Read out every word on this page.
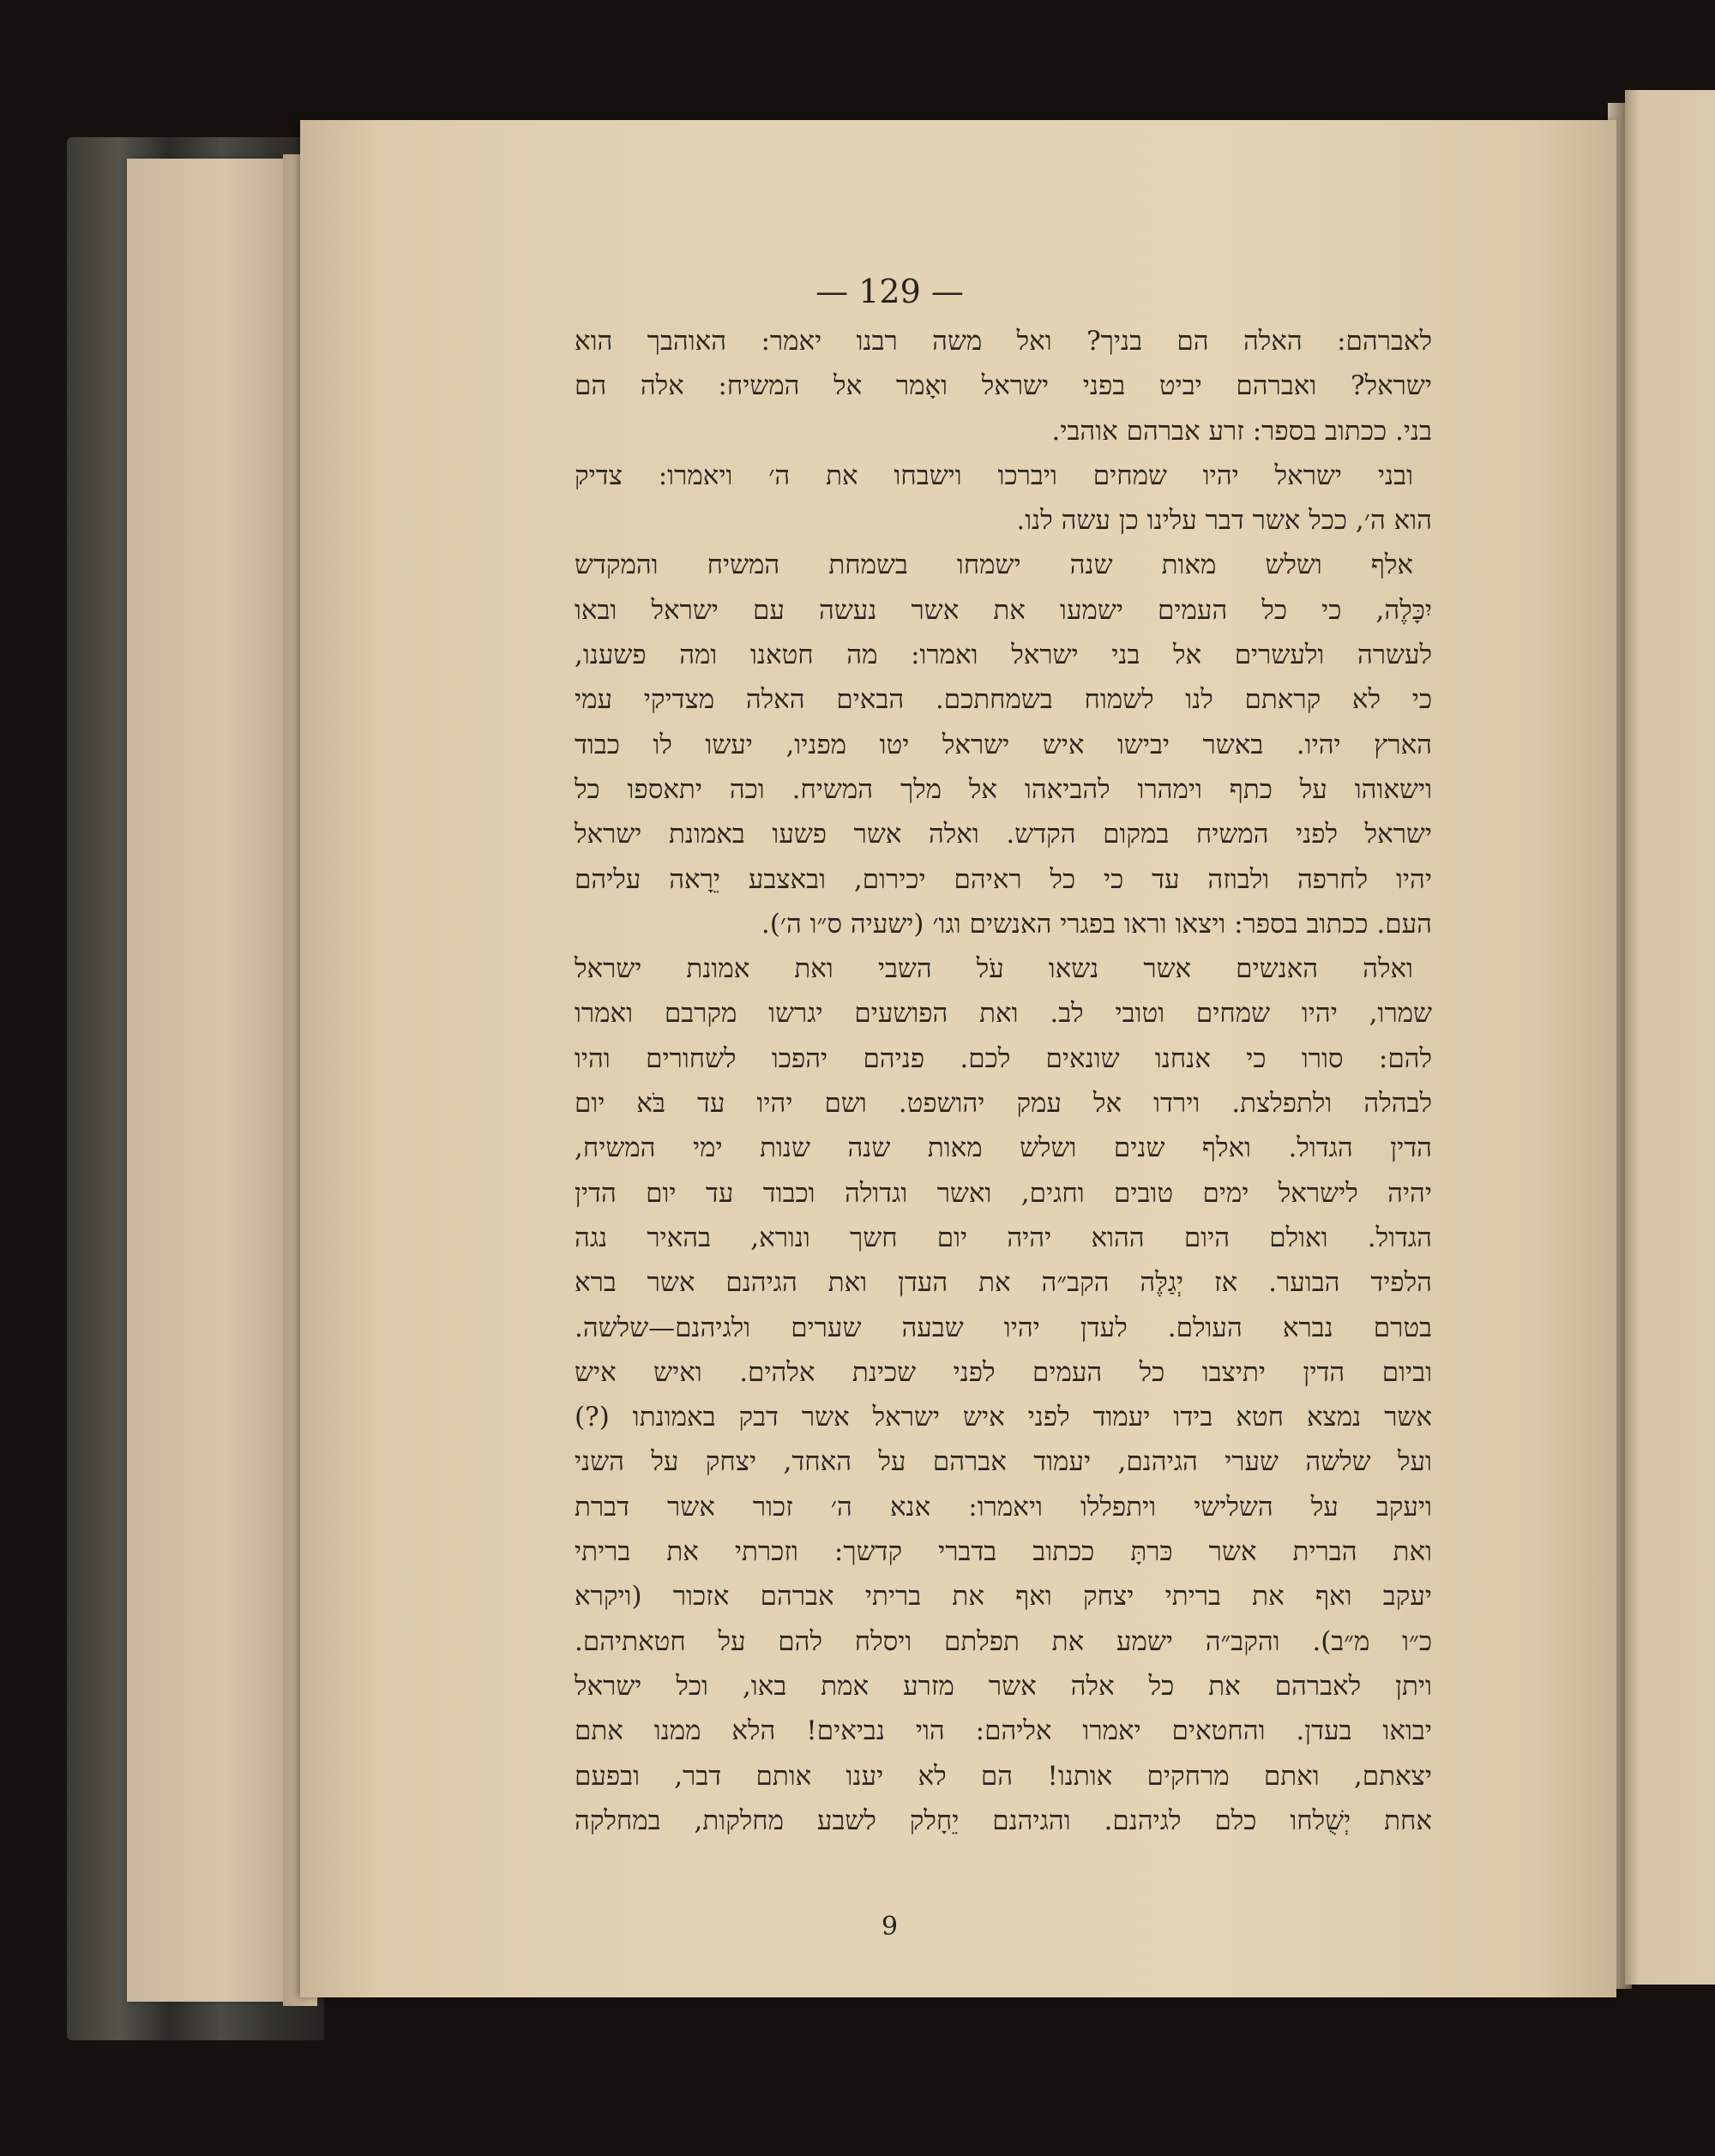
— 129 —
לאברהם: האלה הם בניך? ואל משה רבנו יאמר: האוהבך הוא
ישראל? ואברהם יביט בפני ישראל ואָמר אל המשיח: אלה הם
בני. ככתוב בספר: זרע אברהם אוהבי.
ובני ישראל יהיו שמחים ויברכו וישבחו את ה׳ ויאמרו: צדיק
הוא ה׳, ככל אשר דבר עלינו כן עשה לנו.
אלף ושלש מאות שנה ישמחו בשמחת המשיח והמקדש
יִכָּלֶה, כי כל העמים ישמעו את אשר נעשה עם ישראל ובאו
לעשרה ולעשרים אל בני ישראל ואמרו: מה חטאנו ומה פשענו,
כי לא קראתם לנו לשמוח בשמחתכם. הבאים האלה מצדיקי עמי
הארץ יהיו. באשר יבישו איש ישראל יטו מפניו, יעשו לו כבוד
וישאוהו על כתף וימהרו להביאהו אל מלך המשיח. וכה יתאספו כל
ישראל לפני המשיח במקום הקדש. ואלה אשר פשעו באמונת ישראל
יהיו לחרפה ולבוזה עד כי כל ראיהם יכירום, ובאצבע יֵרָאה עליהם
העם. ככתוב בספר: ויצאו וראו בפגרי האנשים וגו׳ (ישעיה ס״ו ה׳).
ואלה האנשים אשר נשאו עֹל השבי ואת אמונת ישראל
שמרו, יהיו שמחים וטובי לב. ואת הפושעים יגרשו מקרבם ואמרו
להם: סורו כי אנחנו שונאים לכם. פניהם יהפכו לשחורים והיו
לבהלה ולתפלצת. וירדו אל עמק יהושפט. ושם יהיו עד בֹּא יום
הדין הגדול. ואלף שנים ושלש מאות שנה שנות ימי המשיח,
יהיה לישראל ימים טובים וחגים, ואשר וגדולה וכבוד עד יום הדין
הגדול. ואולם היום ההוא יהיה יום חשך ונורא, בהאיר נגה
הלפיד הבוער. אז יְגַלֶּה הקב״ה את העדן ואת הגיהנם אשר ברא
בטרם נברא העולם. לעדן יהיו שבעה שערים ולגיהנם—שלשה.
וביום הדין יתיצבו כל העמים לפני שכינת אלהים. ואיש איש
אשר נמצא חטא בידו יעמוד לפני איש ישראל אשר דבק באמונתו (?)
ועל שלשה שערי הגיהנם, יעמוד אברהם על האחד, יצחק על השני
ויעקב על השלישי ויתפללו ויאמרו: אנא ה׳ זכור אשר דברת
ואת הברית אשר כּרתָּ ככתוב בדברי קדשך: וזכרתי את בריתי
יעקב ואף את בריתי יצחק ואף את בריתי אברהם אזכור (ויקרא
כ״ו מ״ב). והקב״ה ישמע את תפלתם ויסלח להם על חטאתיהם.
ויתן לאברהם את כל אלה אשר מזרע אמת באו, וכל ישראל
יבואו בעדן. והחטאים יאמרו אליהם: הוי נביאים! הלא ממנו אתם
יצאתם, ואתם מרחקים אותנו! הם לא יענו אותם דבר, ובפעם
אחת יְשֻׁלחו כלם לגיהנם. והגיהנם יֵחָלק לשבע מחלקות, במחלקה
9
